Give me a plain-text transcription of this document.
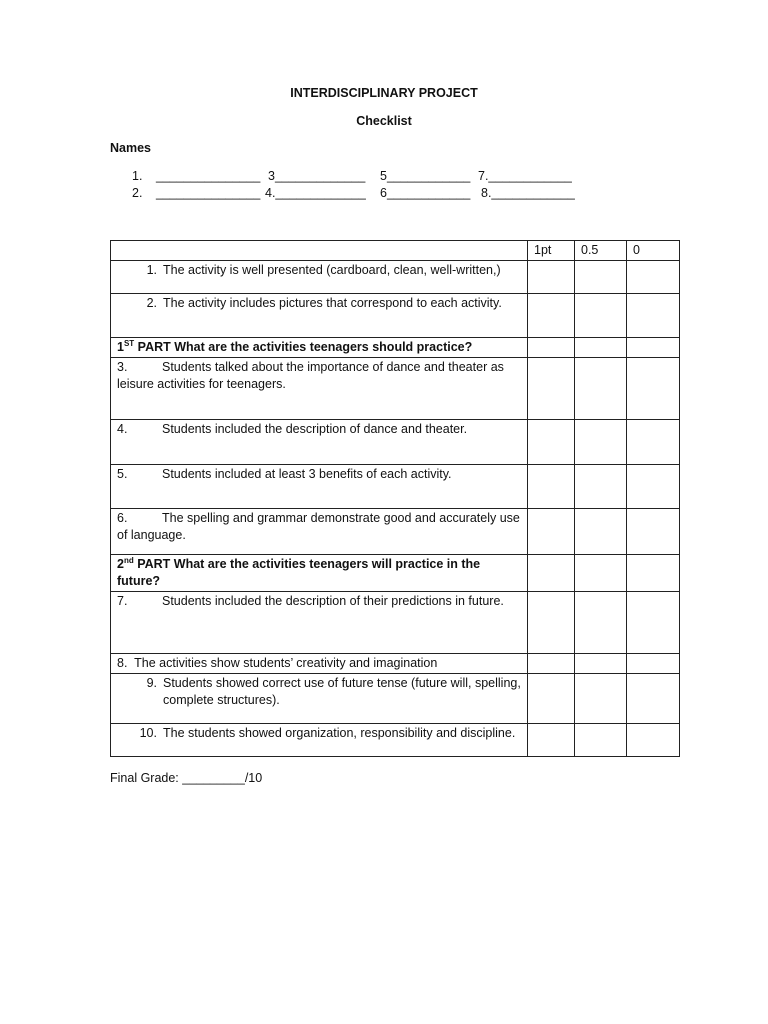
INTERDISCIPLINARY PROJECT
Checklist
Names
1. _______________ 3_____________ 5____________ 7.____________
2. _______________ 4._____________ 6____________ 8.____________
	1pt	0.5	0

1. The activity is well presented (cardboard, clean, well-written,)			

2. The activity includes pictures that correspond to each activity.			

1ST PART What are the activities teenagers should practice?			
3. Students talked about the importance of dance and theater as leisure activities for teenagers.			
4. Students included the description of dance and theater.			
5. Students included at least 3 benefits of each activity.			
6. The spelling and grammar demonstrate good and accurately use of language.			
2nd PART What are the activities teenagers will practice in the future?			
7. Students included the description of their predictions in future.			
8. The activities show students’ creativity and imagination			

9. Students showed correct use of future tense (future will, spelling, complete structures).			

10. The students showed organization, responsibility and discipline.			

Final Grade: _________/10
